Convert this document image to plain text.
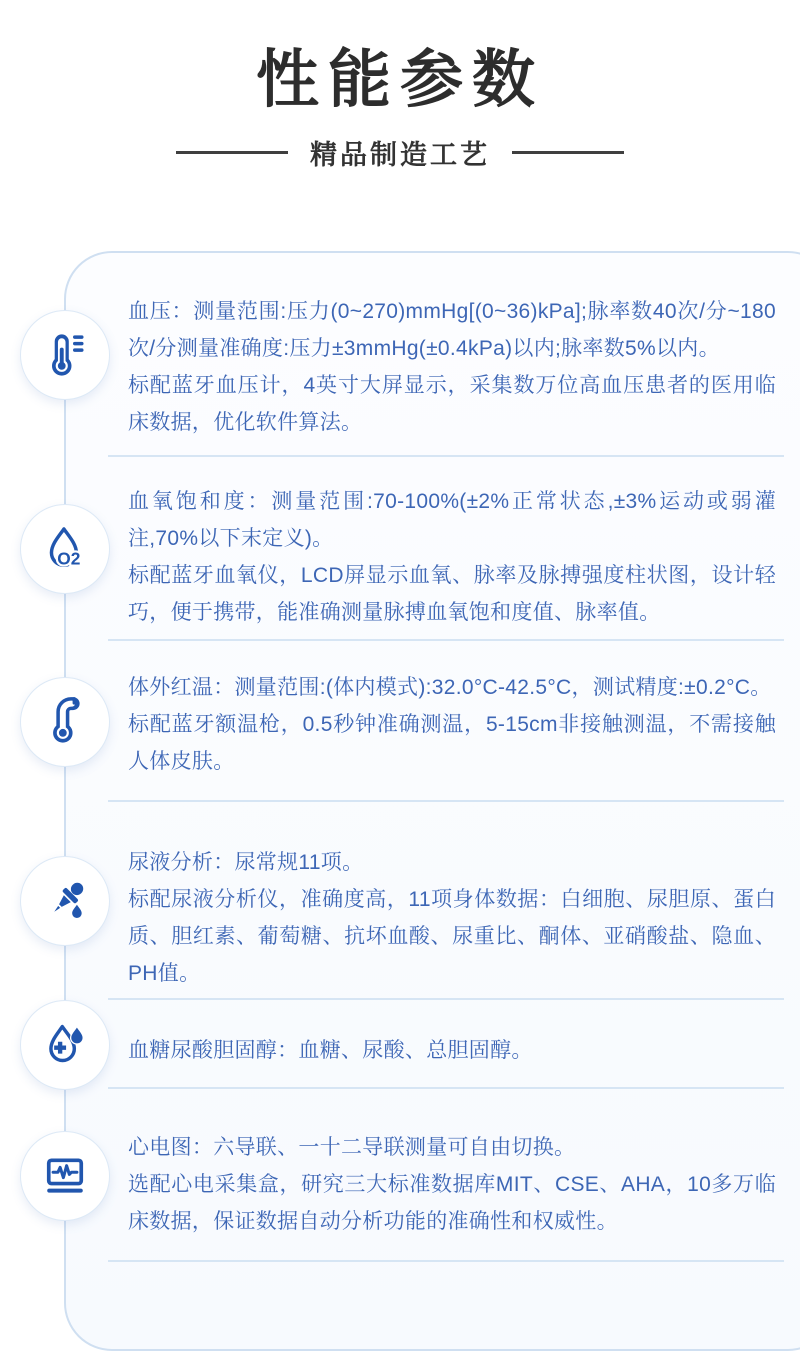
性能参数
精品制造工艺

血压：测量范围:压力(0~270)mmHg[(0~36)kPa];脉率数40次/分~180次/分测量准确度:压力±3mmHg(±0.4kPa)以内;脉率数5%以内。

标配蓝牙血压计，4英寸大屏显示，采集数万位高血压患者的医用临床数据，优化软件算法。

O2

血氧饱和度：测量范围:70-100%(±2%正常状态,±3%运动或弱灌注,70%以下末定义)。

标配蓝牙血氧仪，LCD屏显示血氧、脉率及脉搏强度柱状图，设计轻巧，便于携带，能准确测量脉搏血氧饱和度值、脉率值。

体外红温：测量范围:(体内模式):32.0°C-42.5°C，测试精度:±0.2°C。

标配蓝牙额温枪，0.5秒钟准确测温，5-15cm非接触测温，不需接触人体皮肤。

尿液分析：尿常规11项。

标配尿液分析仪，准确度高，11项身体数据：白细胞、尿胆原、蛋白质、胆红素、葡萄糖、抗坏血酸、尿重比、酮体、亚硝酸盐、隐血、PH值。

血糖尿酸胆固醇：血糖、尿酸、总胆固醇。

心电图：六导联、一十二导联测量可自由切换。

选配心电采集盒，研究三大标准数据库MIT、CSE、AHA，10多万临床数据，保证数据自动分析功能的准确性和权威性。
